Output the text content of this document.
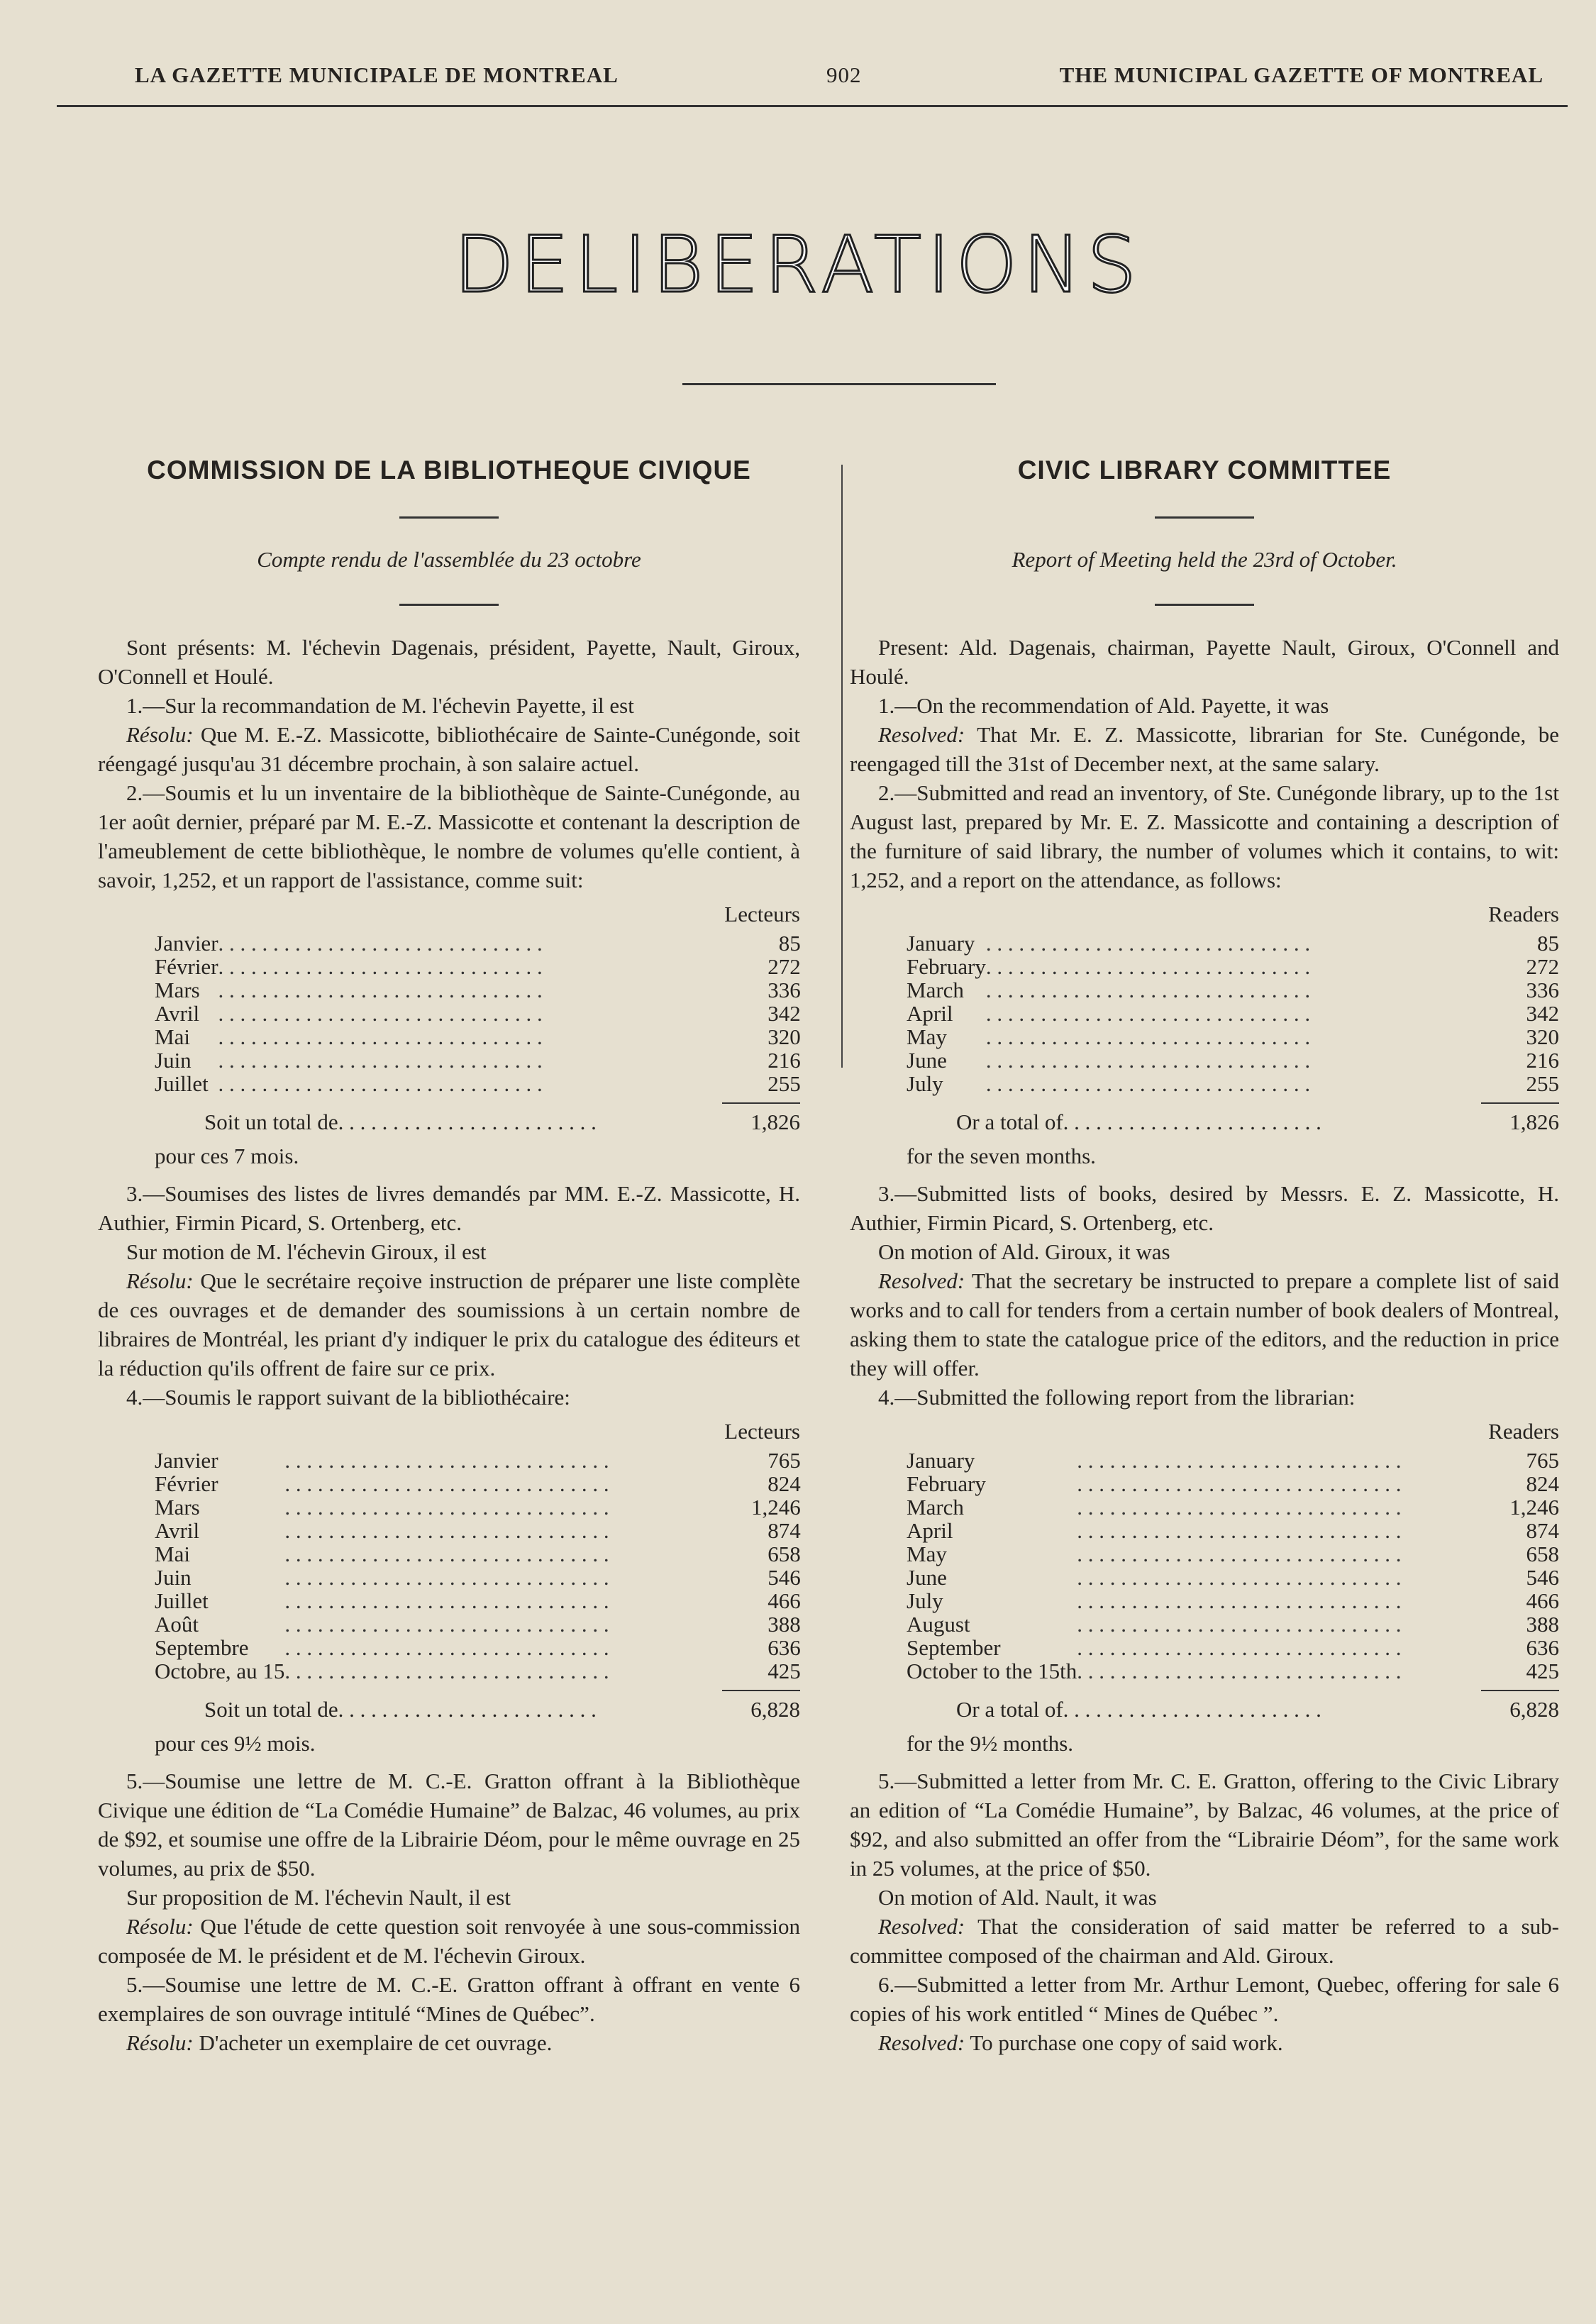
LA GAZETTE MUNICIPALE DE MONTREAL	902	THE MUNICIPAL GAZETTE OF MONTREAL
DELIBERATIONS
COMMISSION DE LA BIBLIOTHEQUE CIVIQUE

Compte rendu de l'assemblée du 23 octobre

Sont présents: M. l'échevin Dagenais, président, Payette, Nault, Giroux, O'Connell et Houlé.

1.—Sur la recommandation de M. l'échevin Payette, il est

Résolu: Que M. E.-Z. Massicotte, bibliothécaire de Sainte-Cunégonde, soit réengagé jusqu'au 31 décembre prochain, à son salaire actuel.

2.—Soumis et lu un inventaire de la bibliothèque de Sainte-Cunégonde, au 1er août dernier, préparé par M. E.-Z. Massicotte et contenant la description de l'ameublement de cette bibliothèque, le nombre de volumes qu'elle contient, à savoir, 1,252, et un rapport de l'assistance, comme suit:

Lecteurs
Janvier	. . . . . . . . . . . . . . . . . . . . . . . . . . . . . .	85
Février	. . . . . . . . . . . . . . . . . . . . . . . . . . . . . .	272
Mars	. . . . . . . . . . . . . . . . . . . . . . . . . . . . . .	336
Avril	. . . . . . . . . . . . . . . . . . . . . . . . . . . . . .	342
Mai	. . . . . . . . . . . . . . . . . . . . . . . . . . . . . .	320
Juin	. . . . . . . . . . . . . . . . . . . . . . . . . . . . . .	216
Juillet	. . . . . . . . . . . . . . . . . . . . . . . . . . . . . .	255
Soit un total de . . . . . . . . . . . . . . . . . . . . . . . .	1,826
pour ces 7 mois.

3.—Soumises des listes de livres demandés par MM. E.-Z. Massicotte, H. Authier, Firmin Picard, S. Ortenberg, etc.

Sur motion de M. l'échevin Giroux, il est

Résolu: Que le secrétaire reçoive instruction de préparer une liste complète de ces ouvrages et de demander des soumissions à un certain nombre de libraires de Montréal, les priant d'y indiquer le prix du catalogue des éditeurs et la réduction qu'ils offrent de faire sur ce prix.

4.—Soumis le rapport suivant de la bibliothécaire:

Lecteurs
Janvier	. . . . . . . . . . . . . . . . . . . . . . . . . . . . . .	765
Février	. . . . . . . . . . . . . . . . . . . . . . . . . . . . . .	824
Mars	. . . . . . . . . . . . . . . . . . . . . . . . . . . . . .	1,246
Avril	. . . . . . . . . . . . . . . . . . . . . . . . . . . . . .	874
Mai	. . . . . . . . . . . . . . . . . . . . . . . . . . . . . .	658
Juin	. . . . . . . . . . . . . . . . . . . . . . . . . . . . . .	546
Juillet	. . . . . . . . . . . . . . . . . . . . . . . . . . . . . .	466
Août	. . . . . . . . . . . . . . . . . . . . . . . . . . . . . .	388
Septembre	. . . . . . . . . . . . . . . . . . . . . . . . . . . . . .	636
Octobre, au 15	. . . . . . . . . . . . . . . . . . . . . . . . . . . . . .	425
Soit un total de . . . . . . . . . . . . . . . . . . . . . . . .	6,828
pour ces 9½ mois.

5.—Soumise une lettre de M. C.-E. Gratton offrant à la Bibliothèque Civique une édition de “La Comédie Humaine” de Balzac, 46 volumes, au prix de $92, et soumise une offre de la Librairie Déom, pour le même ouvrage en 25 volumes, au prix de $50.

Sur proposition de M. l'échevin Nault, il est

Résolu: Que l'étude de cette question soit renvoyée à une sous-commission composée de M. le président et de M. l'échevin Giroux.

5.—Soumise une lettre de M. C.-E. Gratton offrant à offrant en vente 6 exemplaires de son ouvrage intitulé “Mines de Québec”.

Résolu: D'acheter un exemplaire de cet ouvrage.

CIVIC LIBRARY COMMITTEE

Report of Meeting held the 23rd of October.

Present: Ald. Dagenais, chairman, Payette Nault, Giroux, O'Connell and Houlé.

1.—On the recommendation of Ald. Payette, it was

Resolved: That Mr. E. Z. Massicotte, librarian for Ste. Cunégonde, be reengaged till the 31st of December next, at the same salary.

2.—Submitted and read an inventory, of Ste. Cunégonde library, up to the 1st August last, prepared by Mr. E. Z. Massicotte and containing a description of the furniture of said library, the number of volumes which it contains, to wit: 1,252, and a report on the attendance, as follows:

Readers
January	. . . . . . . . . . . . . . . . . . . . . . . . . . . . . .	85
February	. . . . . . . . . . . . . . . . . . . . . . . . . . . . . .	272
March	. . . . . . . . . . . . . . . . . . . . . . . . . . . . . .	336
April	. . . . . . . . . . . . . . . . . . . . . . . . . . . . . .	342
May	. . . . . . . . . . . . . . . . . . . . . . . . . . . . . .	320
June	. . . . . . . . . . . . . . . . . . . . . . . . . . . . . .	216
July	. . . . . . . . . . . . . . . . . . . . . . . . . . . . . .	255
Or a total of . . . . . . . . . . . . . . . . . . . . . . . .	1,826
for the seven months.

3.—Submitted lists of books, desired by Messrs. E. Z. Massicotte, H. Authier, Firmin Picard, S. Ortenberg, etc.

On motion of Ald. Giroux, it was

Resolved: That the secretary be instructed to prepare a complete list of said works and to call for tenders from a certain number of book dealers of Montreal, asking them to state the catalogue price of the editors, and the reduction in price they will offer.

4.—Submitted the following report from the librarian:

Readers
January	. . . . . . . . . . . . . . . . . . . . . . . . . . . . . .	765
February	. . . . . . . . . . . . . . . . . . . . . . . . . . . . . .	824
March	. . . . . . . . . . . . . . . . . . . . . . . . . . . . . .	1,246
April	. . . . . . . . . . . . . . . . . . . . . . . . . . . . . .	874
May	. . . . . . . . . . . . . . . . . . . . . . . . . . . . . .	658
June	. . . . . . . . . . . . . . . . . . . . . . . . . . . . . .	546
July	. . . . . . . . . . . . . . . . . . . . . . . . . . . . . .	466
August	. . . . . . . . . . . . . . . . . . . . . . . . . . . . . .	388
September	. . . . . . . . . . . . . . . . . . . . . . . . . . . . . .	636
October to the 15th	. . . . . . . . . . . . . . . . . . . . . . . . . . . . . .	425
Or a total of . . . . . . . . . . . . . . . . . . . . . . . .	6,828
for the 9½ months.

5.—Submitted a letter from Mr. C. E. Gratton, offering to the Civic Library an edition of “La Comédie Humaine”, by Balzac, 46 volumes, at the price of $92, and also submitted an offer from the “Librairie Déom”, for the same work in 25 volumes, at the price of $50.

On motion of Ald. Nault, it was

Resolved: That the consideration of said matter be referred to a sub-committee composed of the chairman and Ald. Giroux.

6.—Submitted a letter from Mr. Arthur Lemont, Quebec, offering for sale 6 copies of his work entitled “ Mines de Québec ”.

Resolved: To purchase one copy of said work.
